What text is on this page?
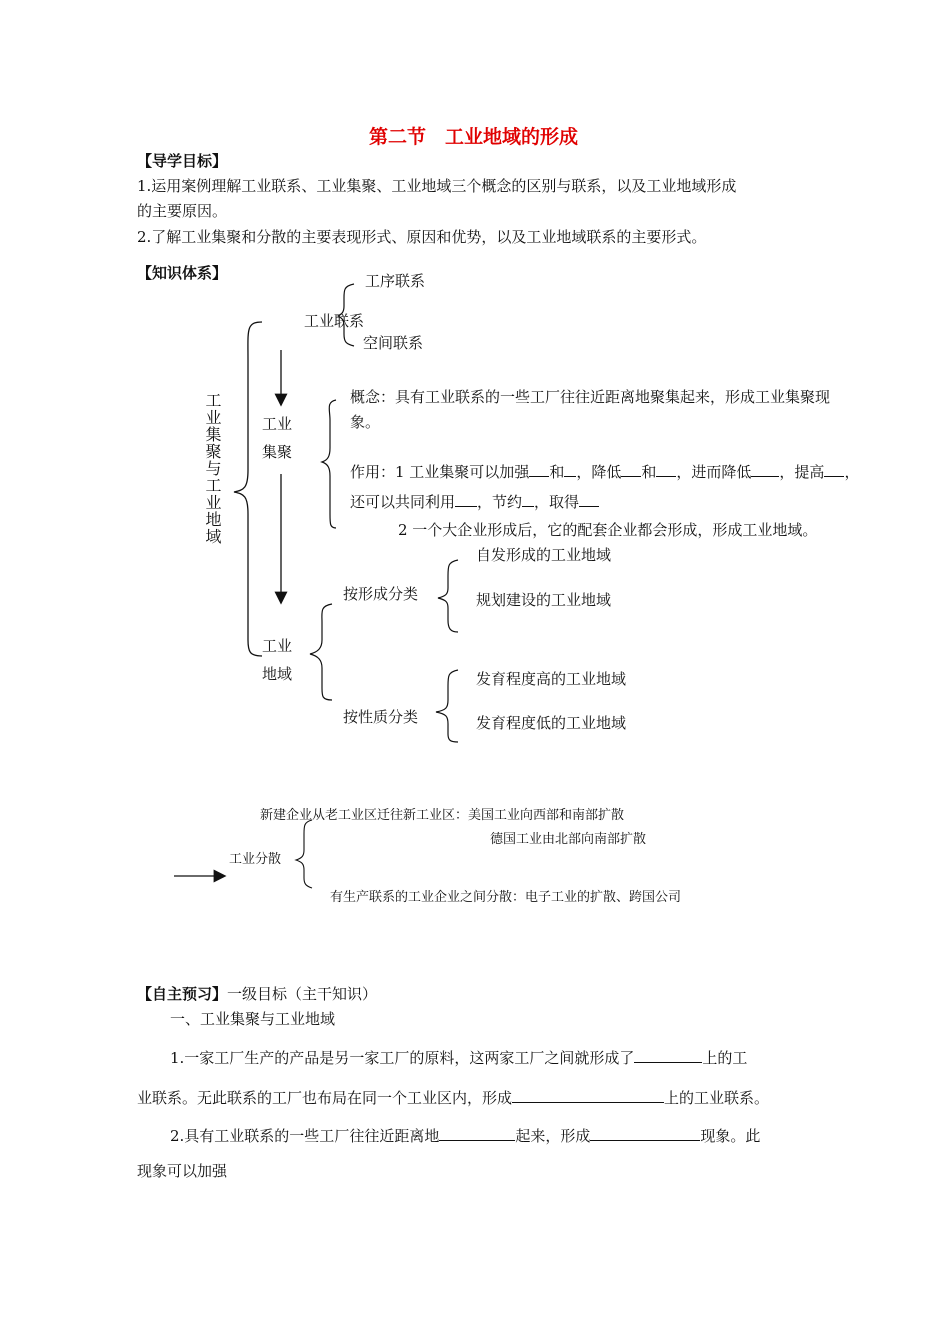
第二节　工业地域的形成
【导学目标】
1.运用案例理解工业联系、工业集聚、工业地域三个概念的区别与联系，以及工业地域形成
的主要原因。
2.了解工业集聚和分散的主要表现形式、原因和优势，以及工业地域联系的主要形式。
【知识体系】
工业集聚与工业地域
工业联系
工序联系
空间联系
工业集聚
概念：具有工业联系的一些工厂往往近距离地聚集起来，形成工业集聚现
象。
作用：1 工业集聚可以加强 和 ，降低 和 ，进而降低 ，提高 ，
还可以共同利用 ，节约 ，取得
2 一个大企业形成后，它的配套企业都会形成，形成工业地域。
自发形成的工业地域
按形成分类	规划建设的工业地域
工业地域	发育程度高的工业地域
按性质分类	发育程度低的工业地域
新建企业从老工业区迁往新工业区：美国工业向西部和南部扩散
德国工业由北部向南部扩散
工业分散
有生产联系的工业企业之间分散：电子工业的扩散、跨国公司
【自主预习】一级目标（主干知识）
一、工业集聚与工业地域
1.一家工厂生产的产品是另一家工厂的原料，这两家工厂之间就形成了	上的工
业联系。无此联系的工厂也布局在同一个工业区内，形成	上的工业联系。
2.具有工业联系的一些工厂往往近距离地	起来，形成	现象。此
现象可以加强
